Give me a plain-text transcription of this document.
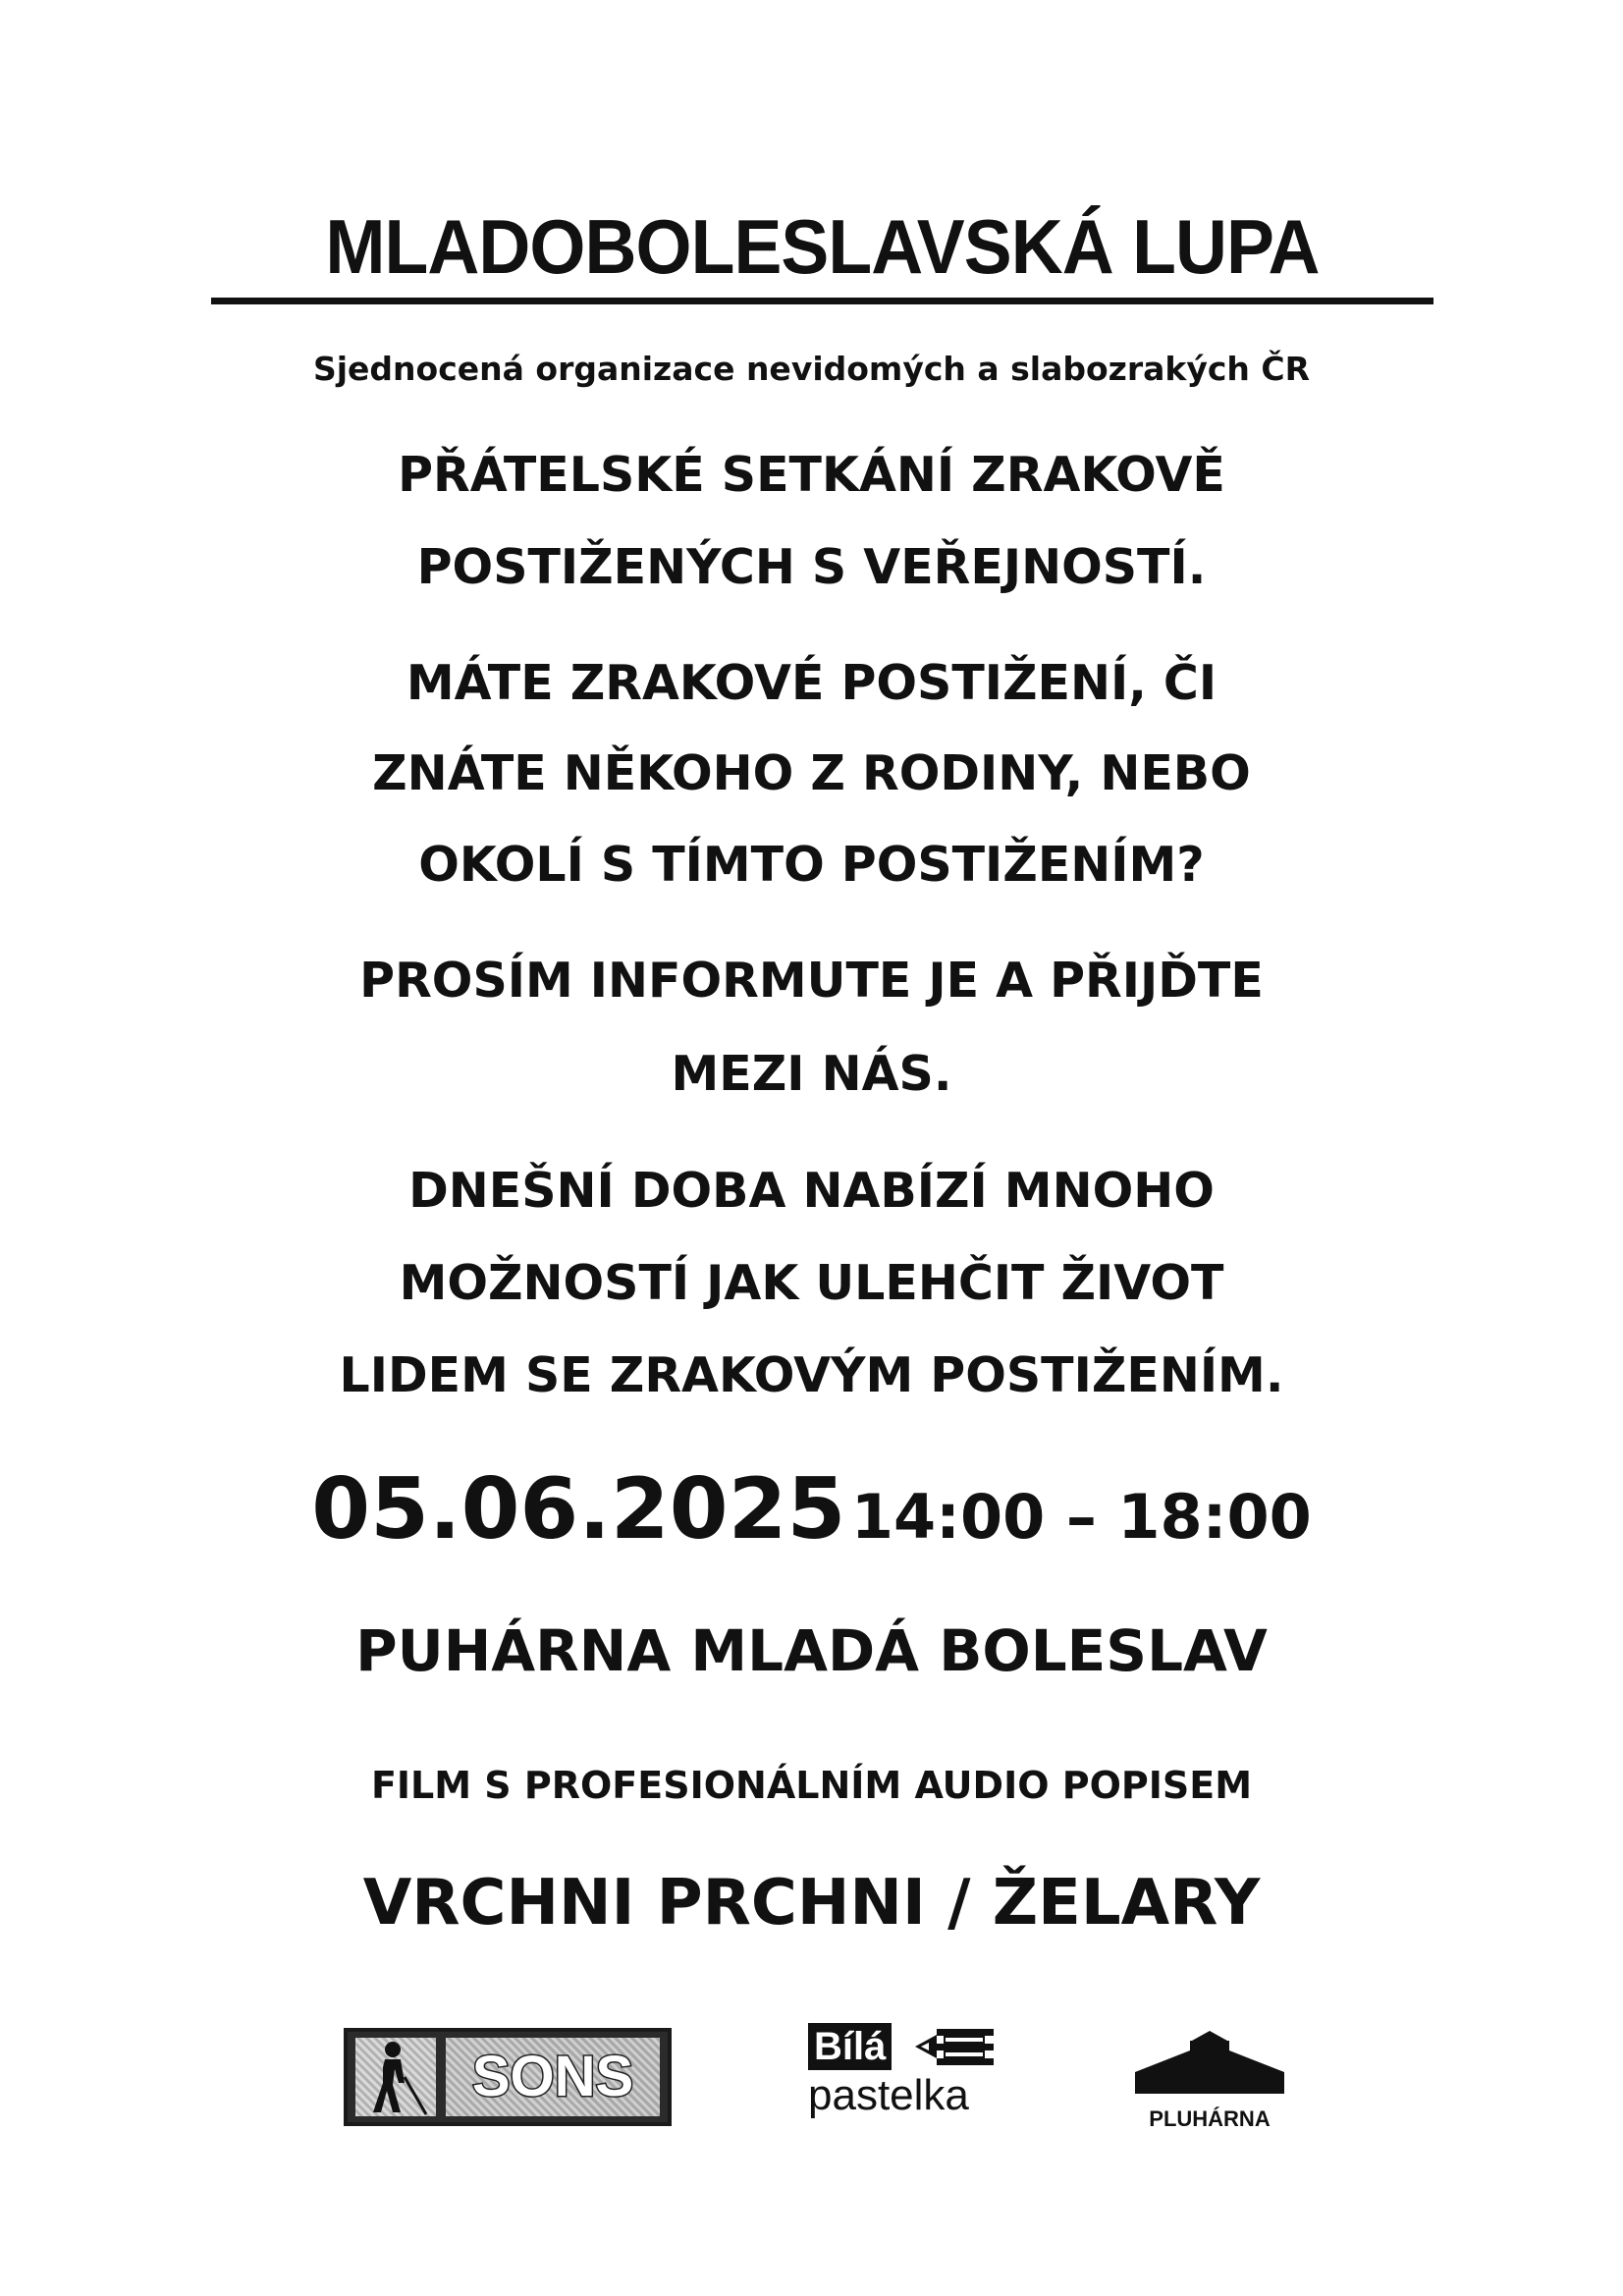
MLADOBOLESLAVSKÁ LUPA

Sjednocená organizace nevidomých a slabozrakých ČR

PŘÁTELSKÉ SETKÁNÍ ZRAKOVĚ

POSTIŽENÝCH S VEŘEJNOSTÍ.

MÁTE ZRAKOVÉ POSTIŽENÍ, ČI

ZNÁTE NĚKOHO Z RODINY, NEBO

OKOLÍ S TÍMTO POSTIŽENÍM?

PROSÍM INFORMUTE JE A PŘIJĎTE

MEZI NÁS.

DNEŠNÍ DOBA NABÍZÍ MNOHO

MOŽNOSTÍ JAK ULEHČIT ŽIVOT

LIDEM SE ZRAKOVÝM POSTIŽENÍM.

05.06.2025 14:00 – 18:00

PUHÁRNA MLADÁ BOLESLAV

FILM S PROFESIONÁLNÍM AUDIO POPISEM

VRCHNI PRCHNI / ŽELARY

SONS	Bílá
pastelka	PLUHÁRNA
